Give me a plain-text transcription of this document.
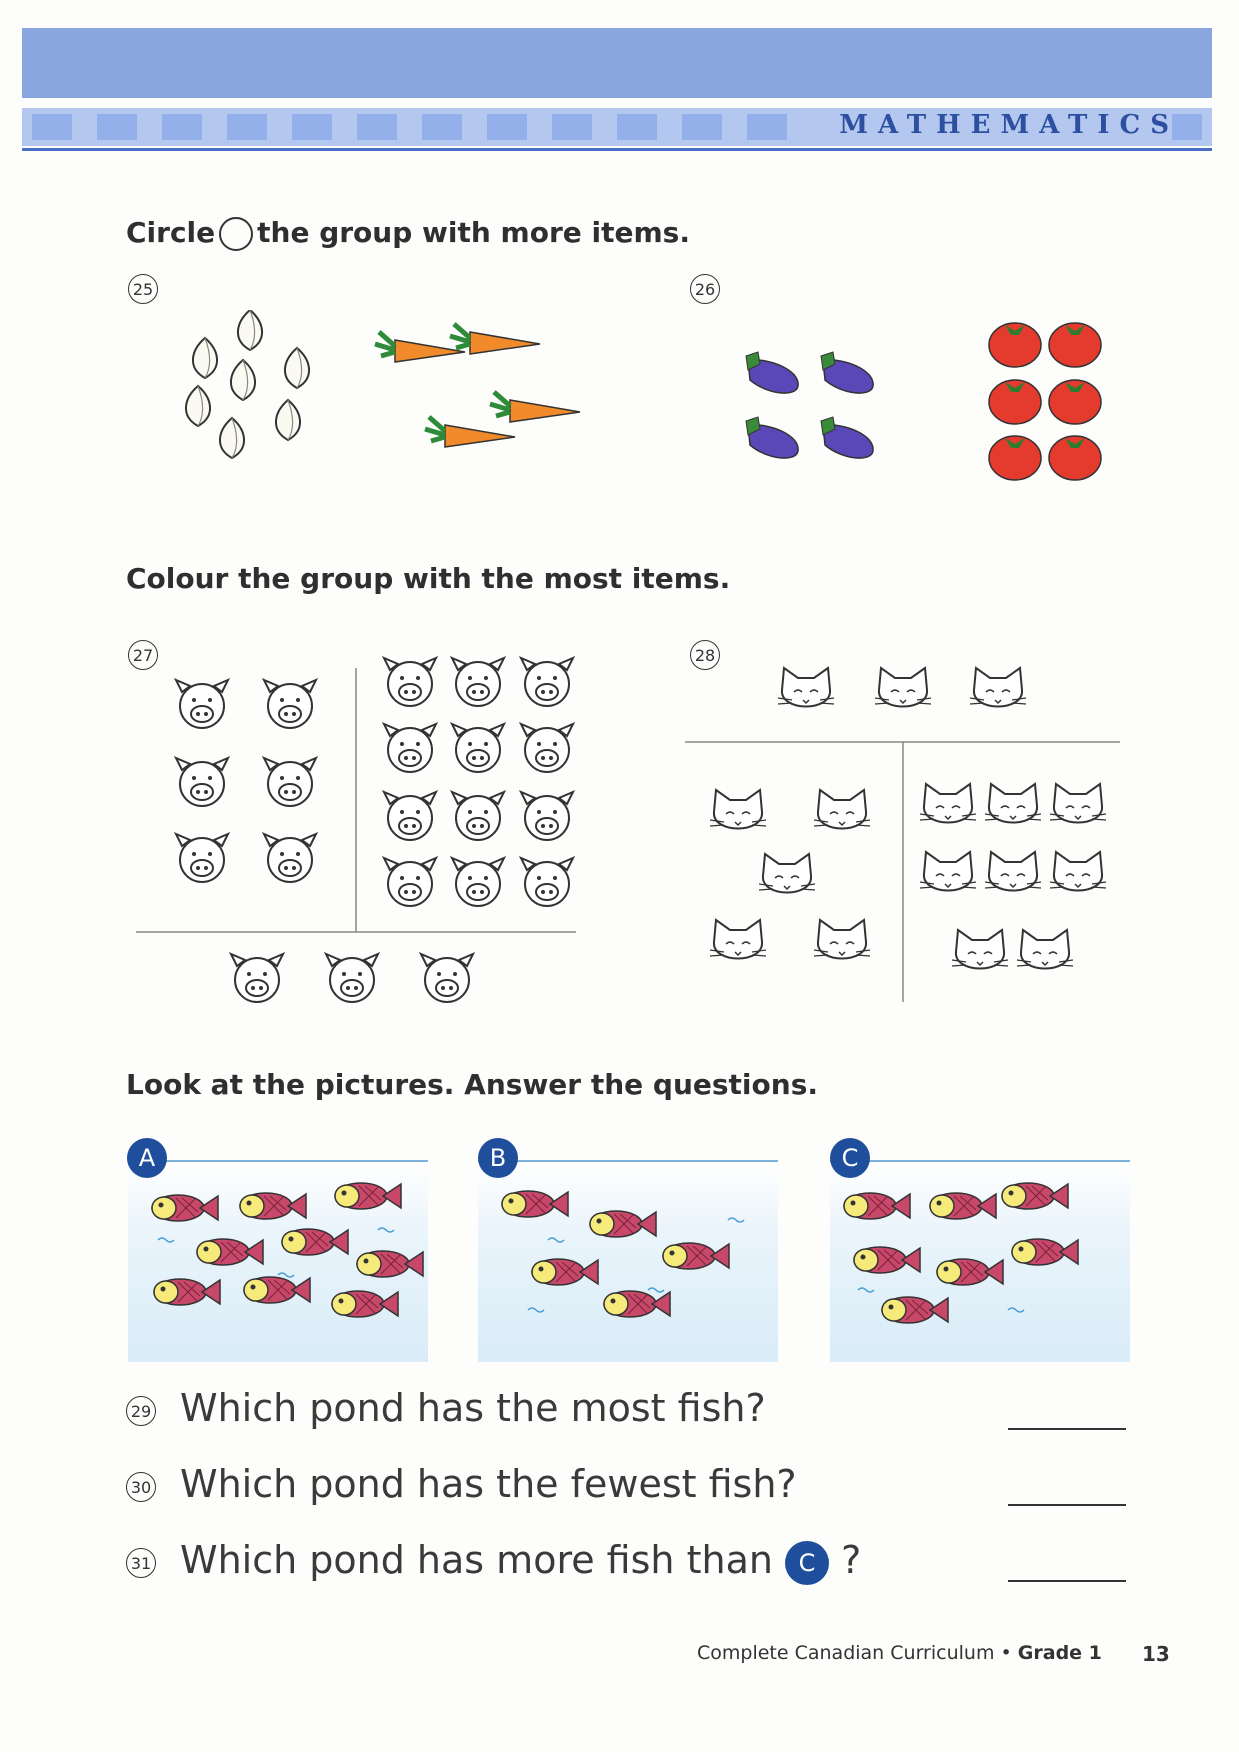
MATHEMATICS
Circle the group with more items.
25	26
Colour the group with the most items.
27	28
Look at the pictures. Answer the questions.
A	B	C
29 Which pond has the most fish?
30 Which pond has the fewest fish?
31 Which pond has more fish than C ?
Complete Canadian Curriculum • Grade 1 13
